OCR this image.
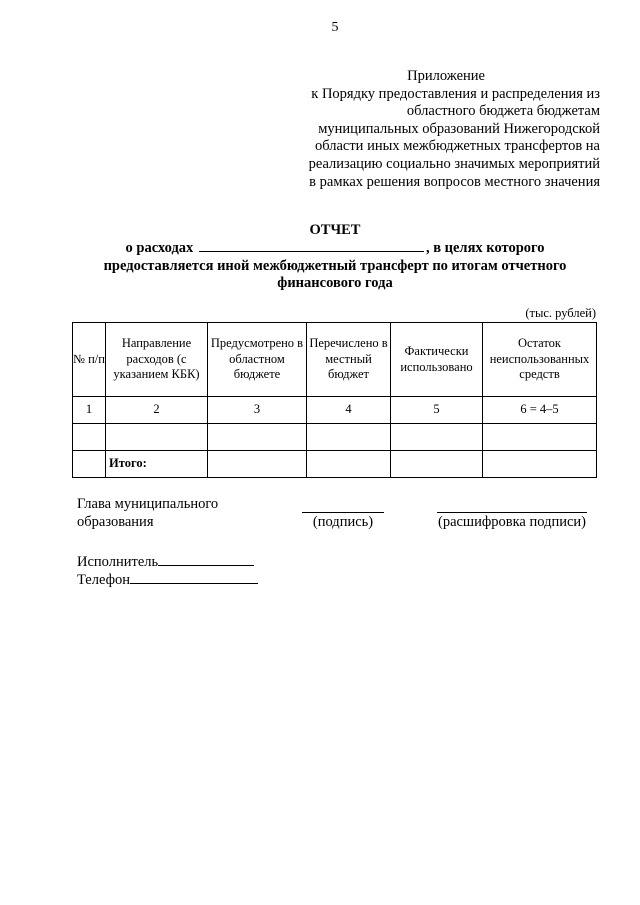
5
Приложение
к Порядку предоставления и распределения из
областного бюджета бюджетам
муниципальных образований Нижегородской
области иных межбюджетных трансфертов на
реализацию социально значимых мероприятий
в рамках решения вопросов местного значения
ОТЧЕТ
о расходах	, в целях которого
предоставляется иной межбюджетный трансферт по итогам отчетного
финансового года
(тыс. рублей)
№ п/п	Направление расходов (с указанием КБК)	Предусмотрено в областном бюджете	Перечислено в местный бюджет	Фактически использовано	Остаток неиспользованных средств
1	2	3	4	5	6 = 4–5

	Итого:				
Глава муниципального
образования	(подпись)	(расшифровка подписи)
Исполнитель
Телефон
